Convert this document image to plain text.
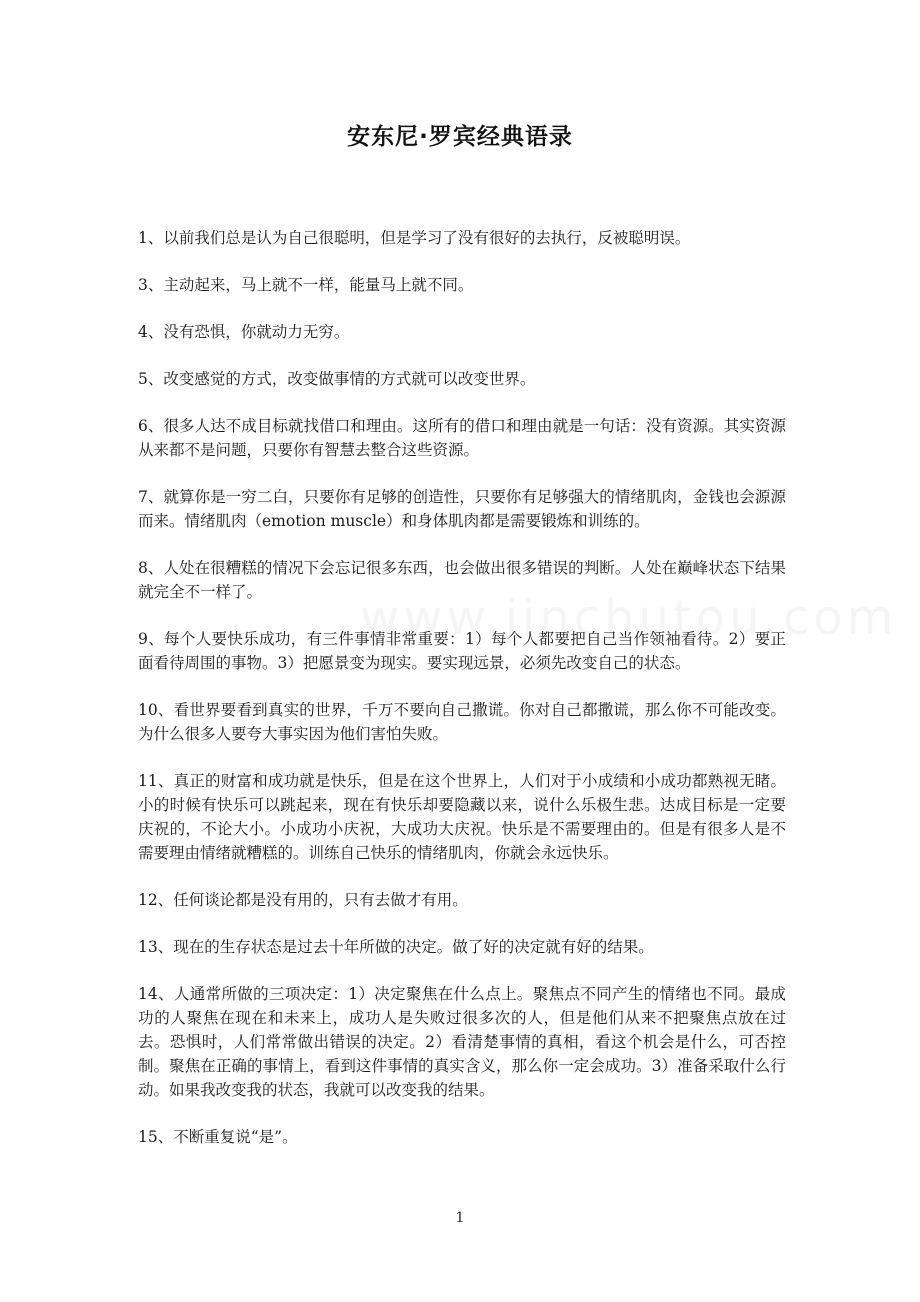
安东尼·罗宾经典语录

1、以前我们总是认为自己很聪明，但是学习了没有很好的去执行，反被聪明误。

3、主动起来，马上就不一样，能量马上就不同。

4、没有恐惧，你就动力无穷。

5、改变感觉的方式，改变做事情的方式就可以改变世界。

6、很多人达不成目标就找借口和理由。这所有的借口和理由就是一句话：没有资源。其实资源从来都不是问题，只要你有智慧去整合这些资源。

7、就算你是一穷二白，只要你有足够的创造性，只要你有足够强大的情绪肌肉，金钱也会源源而来。情绪肌肉（emotion muscle）和身体肌肉都是需要锻炼和训练的。

8、人处在很糟糕的情况下会忘记很多东西，也会做出很多错误的判断。人处在巅峰状态下结果就完全不一样了。

9、每个人要快乐成功，有三件事情非常重要：1）每个人都要把自己当作领袖看待。2）要正面看待周围的事物。3）把愿景变为现实。要实现远景，必须先改变自己的状态。

10、看世界要看到真实的世界，千万不要向自己撒谎。你对自己都撒谎，那么你不可能改变。为什么很多人要夸大事实因为他们害怕失败。

11、真正的财富和成功就是快乐，但是在这个世界上，人们对于小成绩和小成功都熟视无睹。小的时候有快乐可以跳起来，现在有快乐却要隐藏以来，说什么乐极生悲。达成目标是一定要庆祝的，不论大小。小成功小庆祝，大成功大庆祝。快乐是不需要理由的。但是有很多人是不需要理由情绪就糟糕的。训练自己快乐的情绪肌肉，你就会永远快乐。

12、任何谈论都是没有用的，只有去做才有用。

13、现在的生存状态是过去十年所做的决定。做了好的决定就有好的结果。

14、人通常所做的三项决定：1）决定聚焦在什么点上。聚焦点不同产生的情绪也不同。最成功的人聚焦在现在和未来上，成功人是失败过很多次的人，但是他们从来不把聚焦点放在过去。恐惧时，人们常常做出错误的决定。2）看清楚事情的真相，看这个机会是什么，可否控制。聚焦在正确的事情上，看到这件事情的真实含义，那么你一定会成功。3）准备采取什么行动。如果我改变我的状态，我就可以改变我的结果。

15、不断重复说“是”。

1
